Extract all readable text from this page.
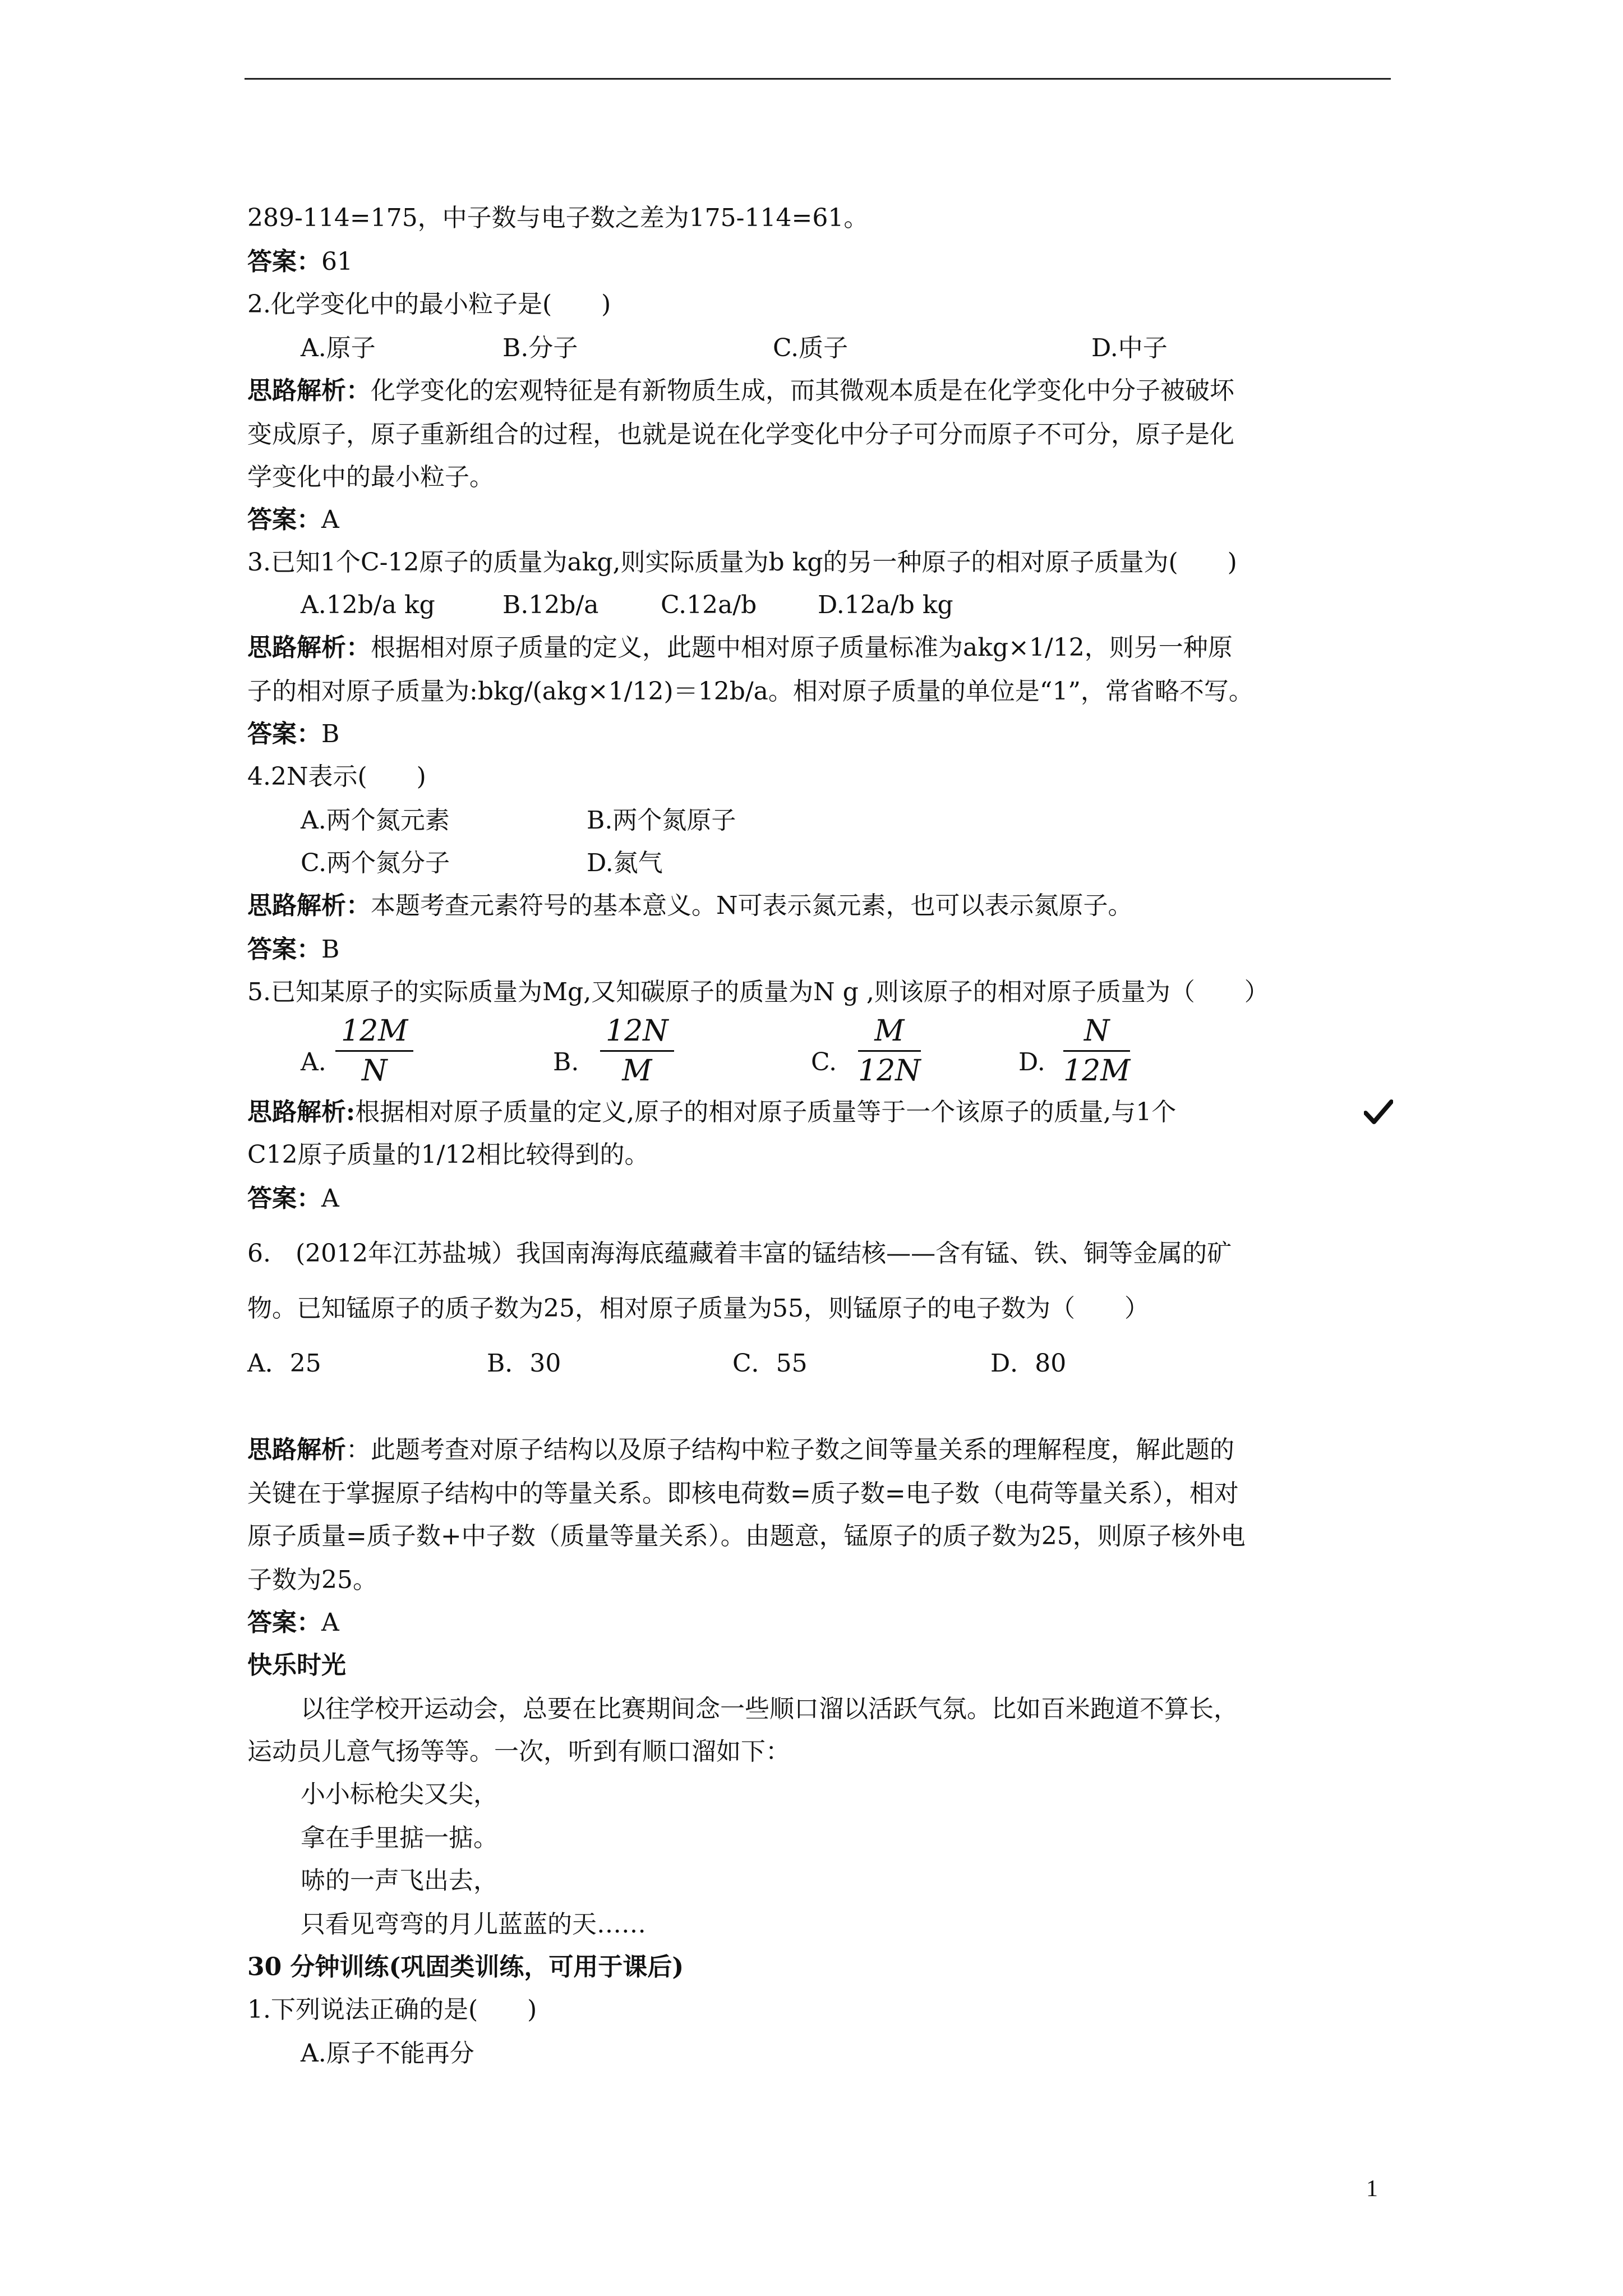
289-114=175，中子数与电子数之差为175-114=61。
答案：61
2.化学变化中的最小粒子是(　　)
A.原子	B.分子	C.质子	D.中子
思路解析：化学变化的宏观特征是有新物质生成，而其微观本质是在化学变化中分子被破坏
变成原子，原子重新组合的过程，也就是说在化学变化中分子可分而原子不可分，原子是化
学变化中的最小粒子。
答案：A
3.已知1个C-12原子的质量为akg,则实际质量为b kg的另一种原子的相对原子质量为(　　)
A.12b/a kg	B.12b/a	C.12a/b D.12a/b kg
思路解析：根据相对原子质量的定义，此题中相对原子质量标准为akg×1/12，则另一种原
子的相对原子质量为:bkg/(akg×1/12)＝12b/a。相对原子质量的单位是“1”，常省略不写。
答案：B
4.2N表示(　　)
A.两个氮元素	B.两个氮原子
C.两个氮分子	D.氮气
思路解析：本题考查元素符号的基本意义。N可表示氮元素，也可以表示氮原子。
答案：B
5.已知某原子的实际质量为Mg,又知碳原子的质量为N g ,则该原子的相对原子质量为（　　）
A. $\frac{12M}{N}$	B. $\frac{12N}{M}$	C. $\frac{M}{12N}$	D. $\frac{N}{12M}$
思路解析:根据相对原子质量的定义,原子的相对原子质量等于一个该原子的质量,与1个
C12原子质量的1/12相比较得到的。
答案：A
6.　(2012年江苏盐城）我国南海海底蕴藏着丰富的锰结核——含有锰、铁、铜等金属的矿
物。已知锰原子的质子数为25，相对原子质量为55，则锰原子的电子数为（　　）
A．25	B．30	C．55	D．80
思路解析：此题考查对原子结构以及原子结构中粒子数之间等量关系的理解程度，解此题的
关键在于掌握原子结构中的等量关系。即核电荷数=质子数=电子数（电荷等量关系），相对
原子质量=质子数+中子数（质量等量关系）。由题意，锰原子的质子数为25，则原子核外电
子数为25。
答案：A
快乐时光
以往学校开运动会，总要在比赛期间念一些顺口溜以活跃气氛。比如百米跑道不算长，
运动员儿意气扬等等。一次，听到有顺口溜如下：
小小标枪尖又尖，
拿在手里掂一掂。
哧的一声飞出去，
只看见弯弯的月儿蓝蓝的天……
30 分钟训练(巩固类训练，可用于课后)
1.下列说法正确的是(　　)
A.原子不能再分
1
